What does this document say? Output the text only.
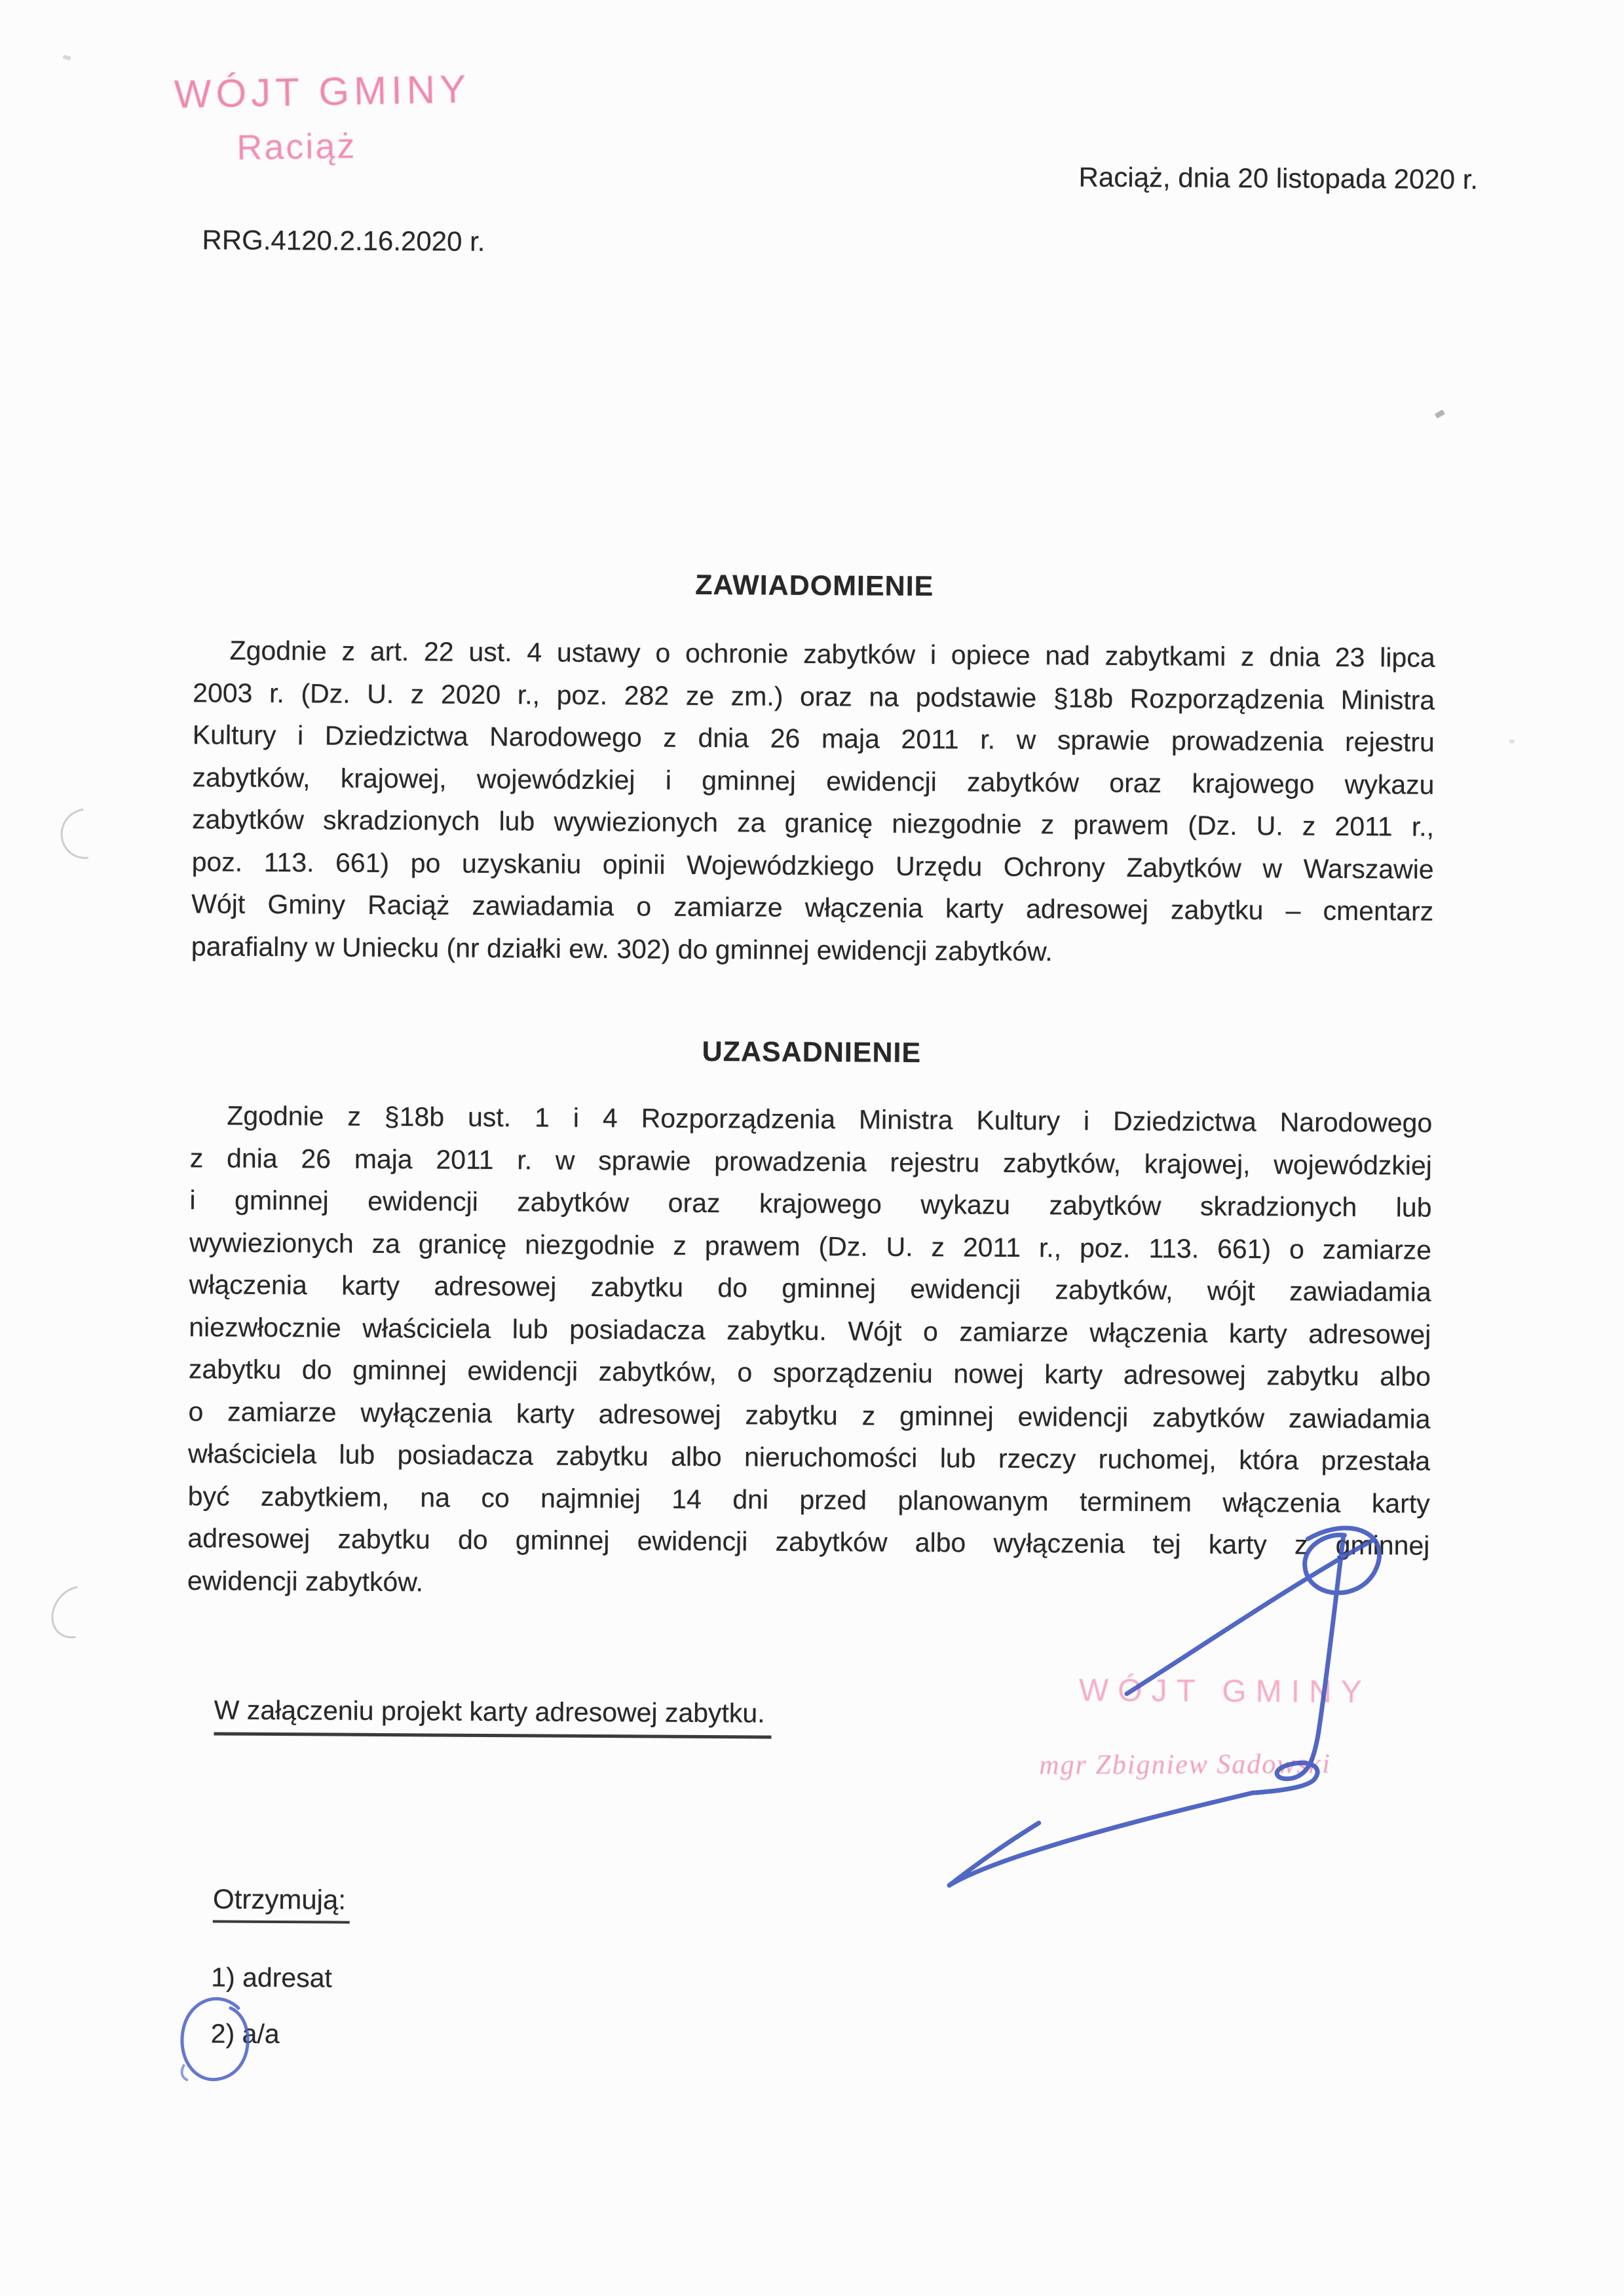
WÓJT GMINY
Raciąż
Raciąż, dnia 20 listopada 2020 r.
RRG.4120.2.16.2020 r.
ZAWIADOMIENIE
Zgodnie z art. 22 ust. 4 ustawy o ochronie zabytków i opiece nad zabytkami z dnia 23 lipca
2003 r. (Dz. U. z 2020 r., poz. 282 ze zm.) oraz na podstawie §18b Rozporządzenia Ministra
Kultury i Dziedzictwa Narodowego z dnia 26 maja 2011 r. w sprawie prowadzenia rejestru
zabytków, krajowej, wojewódzkiej i gminnej ewidencji zabytków oraz krajowego wykazu
zabytków skradzionych lub wywiezionych za granicę niezgodnie z prawem (Dz. U. z 2011 r.,
poz. 113. 661) po uzyskaniu opinii Wojewódzkiego Urzędu Ochrony Zabytków w Warszawie
Wójt Gminy Raciąż zawiadamia o zamiarze włączenia karty adresowej zabytku – cmentarz
parafialny w Uniecku (nr działki ew. 302) do gminnej ewidencji zabytków.
UZASADNIENIE
Zgodnie z §18b ust. 1 i 4 Rozporządzenia Ministra Kultury i Dziedzictwa Narodowego
z dnia 26 maja 2011 r. w sprawie prowadzenia rejestru zabytków, krajowej, wojewódzkiej
i gminnej ewidencji zabytków oraz krajowego wykazu zabytków skradzionych lub
wywiezionych za granicę niezgodnie z prawem (Dz. U. z 2011 r., poz. 113. 661) o zamiarze
włączenia karty adresowej zabytku do gminnej ewidencji zabytków, wójt zawiadamia
niezwłocznie właściciela lub posiadacza zabytku. Wójt o zamiarze włączenia karty adresowej
zabytku do gminnej ewidencji zabytków, o sporządzeniu nowej karty adresowej zabytku albo
o zamiarze wyłączenia karty adresowej zabytku z gminnej ewidencji zabytków zawiadamia
właściciela lub posiadacza zabytku albo nieruchomości lub rzeczy ruchomej, która przestała
być zabytkiem, na co najmniej 14 dni przed planowanym terminem włączenia karty
adresowej zabytku do gminnej ewidencji zabytków albo wyłączenia tej karty z gminnej
ewidencji zabytków.
W załączeniu projekt karty adresowej zabytku.
WÓJT GMINY
mgr Zbigniew Sadowski
Otrzymują:
1) adresat
2) a/a
